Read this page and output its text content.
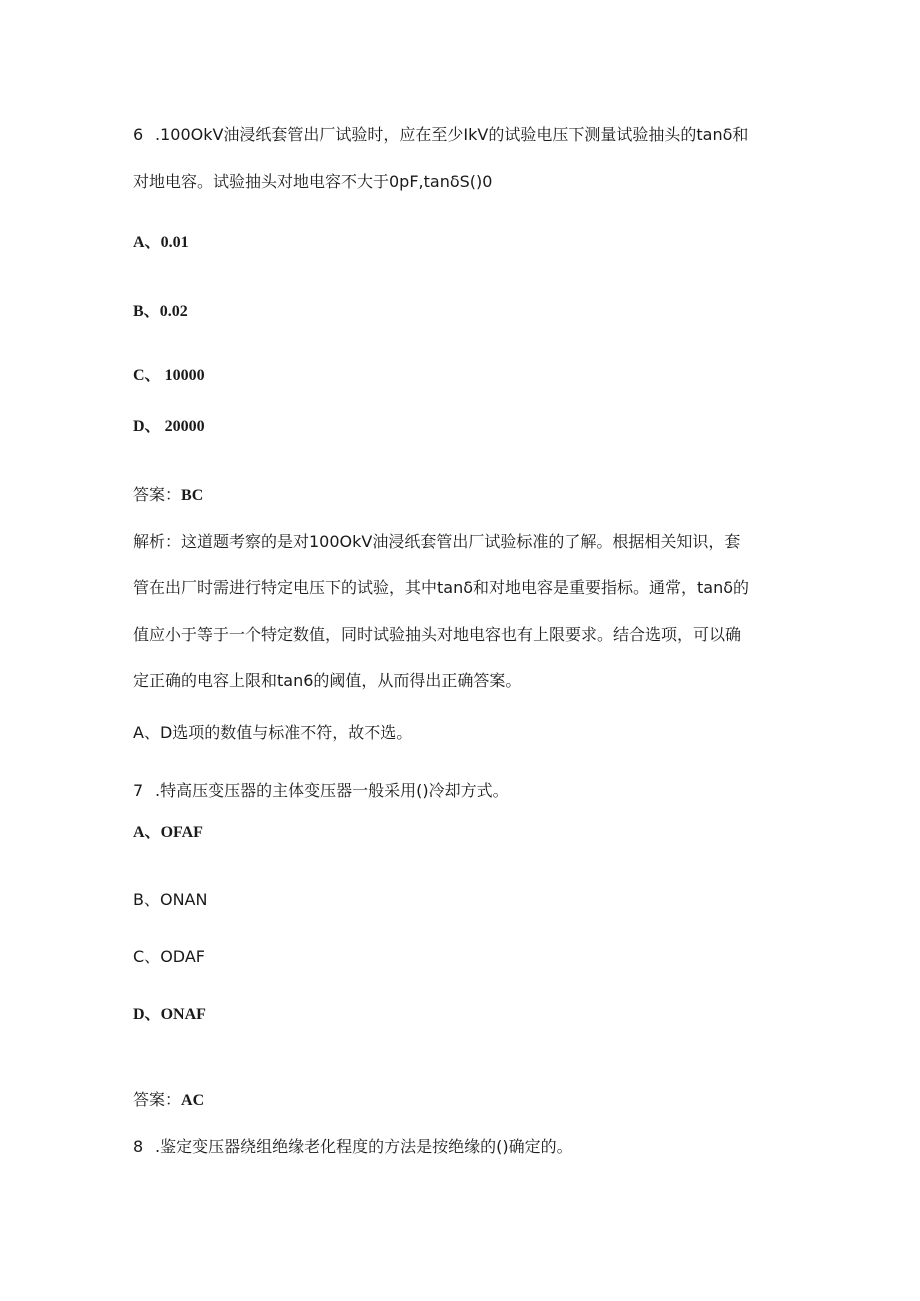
6 .100OkV油浸纸套管出厂试验时，应在至少IkV的试验电压下测量试验抽头的tanδ和
对地电容。试验抽头对地电容不大于0pF,tanδS()0
A、0.01
B、0.02
C、 10000
D、 20000
答案：BC
解析：这道题考察的是对100OkV油浸纸套管出厂试验标准的了解。根据相关知识，套
管在出厂时需进行特定电压下的试验，其中tanδ和对地电容是重要指标。通常，tanδ的
值应小于等于一个特定数值，同时试验抽头对地电容也有上限要求。结合选项，可以确
定正确的电容上限和tan6的阈值，从而得出正确答案。
A、D选项的数值与标准不符，故不选。
7 .特高压变压器的主体变压器一般采用()冷却方式。
A、OFAF
B、ONAN
C、ODAF
D、ONAF
答案：AC
8 .鉴定变压器绕组绝缘老化程度的方法是按绝缘的()确定的。
